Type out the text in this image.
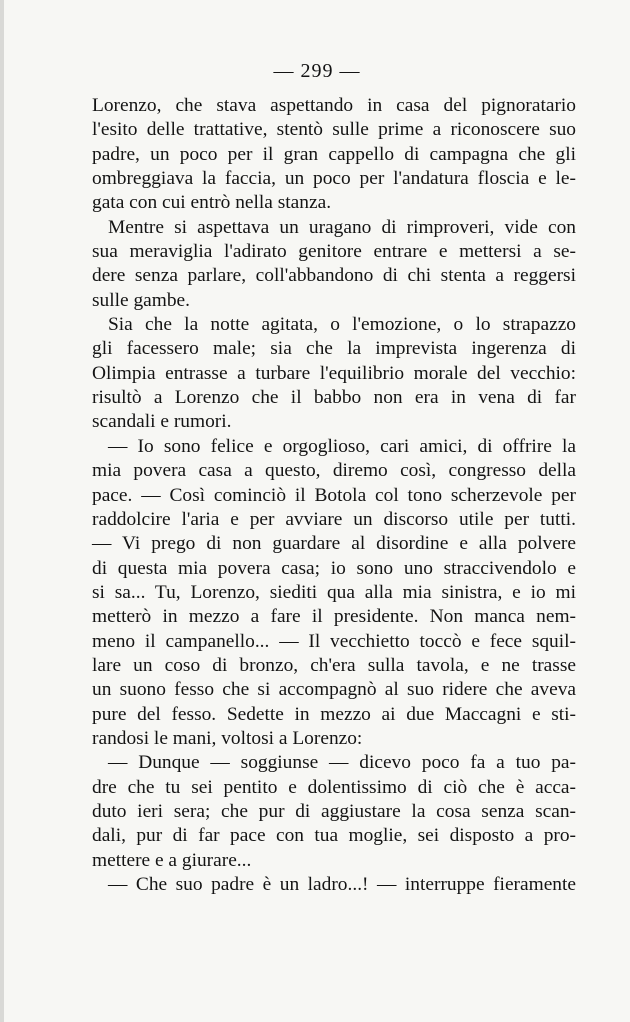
— 299 —
Lorenzo, che stava aspettando in casa del pignoratario
l'esito delle trattative, stentò sulle prime a riconoscere suo
padre, un poco per il gran cappello di campagna che gli
ombreggiava la faccia, un poco per l'andatura floscia e le-
gata con cui entrò nella stanza.
Mentre si aspettava un uragano di rimproveri, vide con
sua meraviglia l'adirato genitore entrare e mettersi a se-
dere senza parlare, coll'abbandono di chi stenta a reggersi
sulle gambe.
Sia che la notte agitata, o l'emozione, o lo strapazzo
gli facessero male; sia che la imprevista ingerenza di
Olimpia entrasse a turbare l'equilibrio morale del vecchio:
risultò a Lorenzo che il babbo non era in vena di far
scandali e rumori.
— Io sono felice e orgoglioso, cari amici, di offrire la
mia povera casa a questo, diremo così, congresso della
pace. — Così cominciò il Botola col tono scherzevole per
raddolcire l'aria e per avviare un discorso utile per tutti.
— Vi prego di non guardare al disordine e alla polvere
di questa mia povera casa; io sono uno straccivendolo e
si sa... Tu, Lorenzo, siediti qua alla mia sinistra, e io mi
metterò in mezzo a fare il presidente. Non manca nem-
meno il campanello... — Il vecchietto toccò e fece squil-
lare un coso di bronzo, ch'era sulla tavola, e ne trasse
un suono fesso che si accompagnò al suo ridere che aveva
pure del fesso. Sedette in mezzo ai due Maccagni e sti-
randosi le mani, voltosi a Lorenzo:
— Dunque — soggiunse — dicevo poco fa a tuo pa-
dre che tu sei pentito e dolentissimo di ciò che è acca-
duto ieri sera; che pur di aggiustare la cosa senza scan-
dali, pur di far pace con tua moglie, sei disposto a pro-
mettere e a giurare...
— Che suo padre è un ladro...! — interruppe fieramente
